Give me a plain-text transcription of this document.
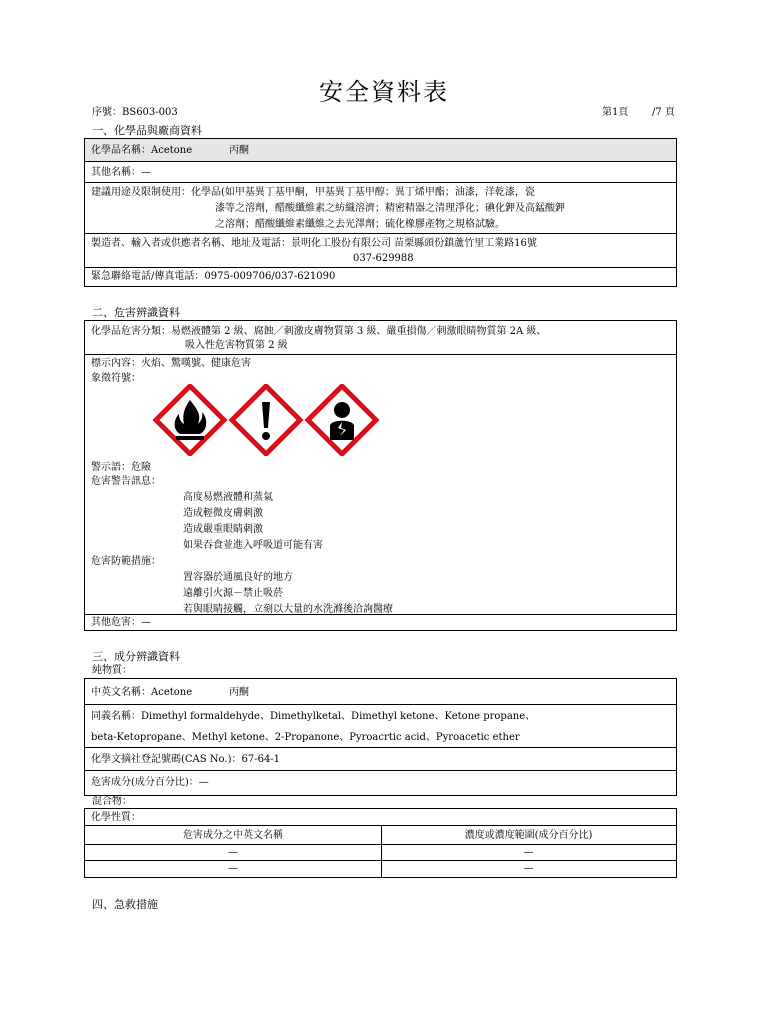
安全資料表
序號：BS603-003	第1頁 /7 頁
一、化學品與廠商資料
化學品名稱：Acetone	丙酮
其他名稱：—
建議用途及限制使用：化學品(如甲基異丁基甲酮，甲基異丁基甲醇；異丁烯甲酯；油漆，洋乾漆，瓷
漆等之溶劑，醋酸纖維素之紡織溶濟；精密精器之清理淨化；碘化鉀及高錳酸鉀
之溶劑；醋酸纖維素纖維之去光澤劑；硫化橡膠產物之規格試驗。
製造者、輸入者或供應者名稱、地址及電話：景明化工股份有限公司 苗栗縣頭份鎮蘆竹里工業路16號
037-629988
緊急聯絡電話/傳真電話：0975-009706/037-621090
二、危害辨識資料
化學品危害分類：易燃液體第 2 級、腐蝕／刺激皮膚物質第 3 級、嚴重損傷／刺激眼睛物質第 2A 級、
吸入性危害物質第 2 級
標示內容：火焰、驚嘆號、健康危害
象徵符號：
警示語：危險
危害警告訊息：
高度易燃液體和蒸氣
造成輕微皮膚刺激
造成嚴重眼睛刺激
如果吞食並進入呼吸道可能有害
危害防範措施：
置容器於通風良好的地方
遠離引火源－禁止吸菸
若與眼睛接觸，立刻以大量的水洗滌後洽詢醫療
其他危害：—
三、成分辨識資料
純物質：
中英文名稱：Acetone	丙酮
同義名稱：Dimethyl formaldehyde、Dimethylketal、Dimethyl ketone、Ketone propane、
beta-Ketopropane、Methyl ketone、2-Propanone、Pyroacrtic acid、Pyroacetic ether
化學文摘社登記號碼(CAS No.)：67-64-1
危害成分(成分百分比)：—
混合物：
化學性質：
危害成分之中英文名稱	濃度或濃度範圍(成分百分比)
—	—
—	—
四、急救措施
